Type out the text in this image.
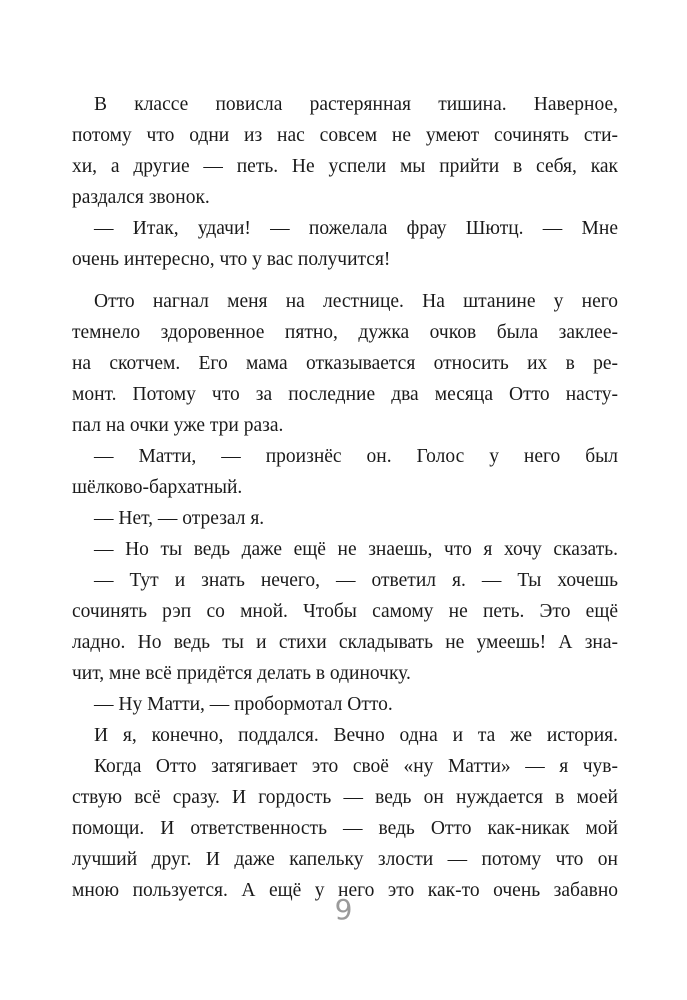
В классе повисла растерянная тишина. Наверное,
потому что одни из нас совсем не умеют сочинять сти-
хи, а другие — петь. Не успели мы прийти в себя, как
раздался звонок.
— Итак, удачи! — пожелала фрау Шютц. — Мне
очень интересно, что у вас получится!
Отто нагнал меня на лестнице. На штанине у него
темнело здоровенное пятно, дужка очков была заклее-
на скотчем. Его мама отказывается относить их в ре-
монт. Потому что за последние два месяца Отто насту-
пал на очки уже три раза.
— Матти, — произнёс он. Голос у него был
шёлково-бархатный.
— Нет, — отрезал я.
— Но ты ведь даже ещё не знаешь, что я хочу сказать.
— Тут и знать нечего, — ответил я. — Ты хочешь
сочинять рэп со мной. Чтобы самому не петь. Это ещё
ладно. Но ведь ты и стихи складывать не умеешь! А зна-
чит, мне всё придётся делать в одиночку.
— Ну Матти, — пробормотал Отто.
И я, конечно, поддался. Вечно одна и та же история.
Когда Отто затягивает это своё «ну Матти» — я чув-
ствую всё сразу. И гордость — ведь он нуждается в моей
помощи. И ответственность — ведь Отто как-никак мой
лучший друг. И даже капельку злости — потому что он
мною пользуется. А ещё у него это как-то очень забавно
9
